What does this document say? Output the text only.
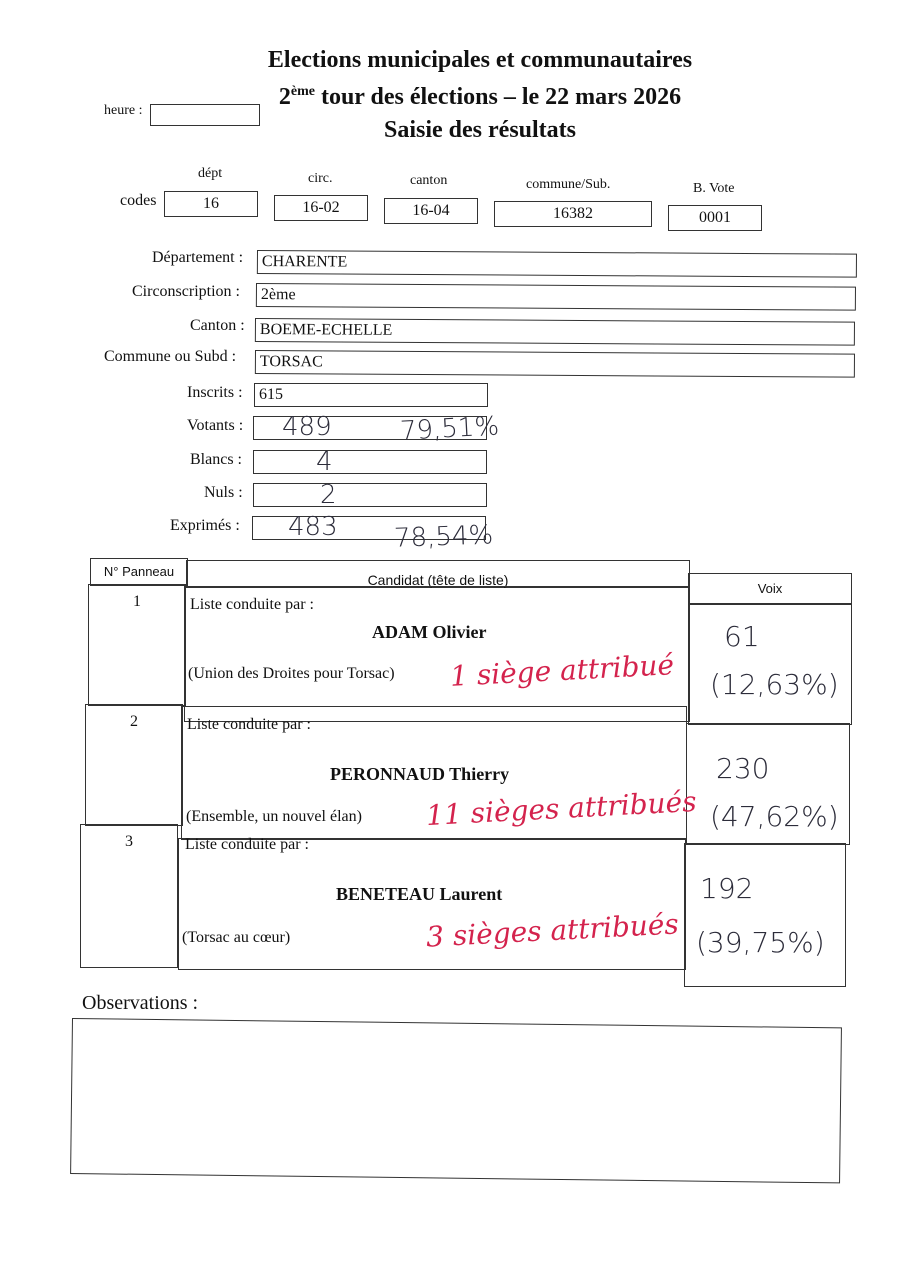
Elections municipales et communautaires
2ème tour des élections – le 22 mars 2026
Saisie des résultats
heure :
codes
dépt
16
circ.
16-02
canton
16-04
commune/Sub.
16382
B. Vote
0001
Département : CHARENTE
Circonscription : 2ème
Canton : BOEME-ECHELLE
Commune ou Subd : TORSAC
Inscrits : 615
Votants : 489	79,51%
Blancs :	4
Nuls :	2
Exprimés : 483 78,54%
N° Panneau
Candidat (tête de liste)
Voix
1	Liste conduite par :
ADAM Olivier
(Union des Droites pour Torsac) 1 siège attribué
61
(12,63%)
2	Liste conduite par :
PERONNAUD Thierry
(Ensemble, un nouvel élan) 11 sièges attribués
230
(47,62%)
3	Liste conduite par :
BENETEAU Laurent
(Torsac au cœur)	3 sièges attribués
192
(39,75%)
Observations :
